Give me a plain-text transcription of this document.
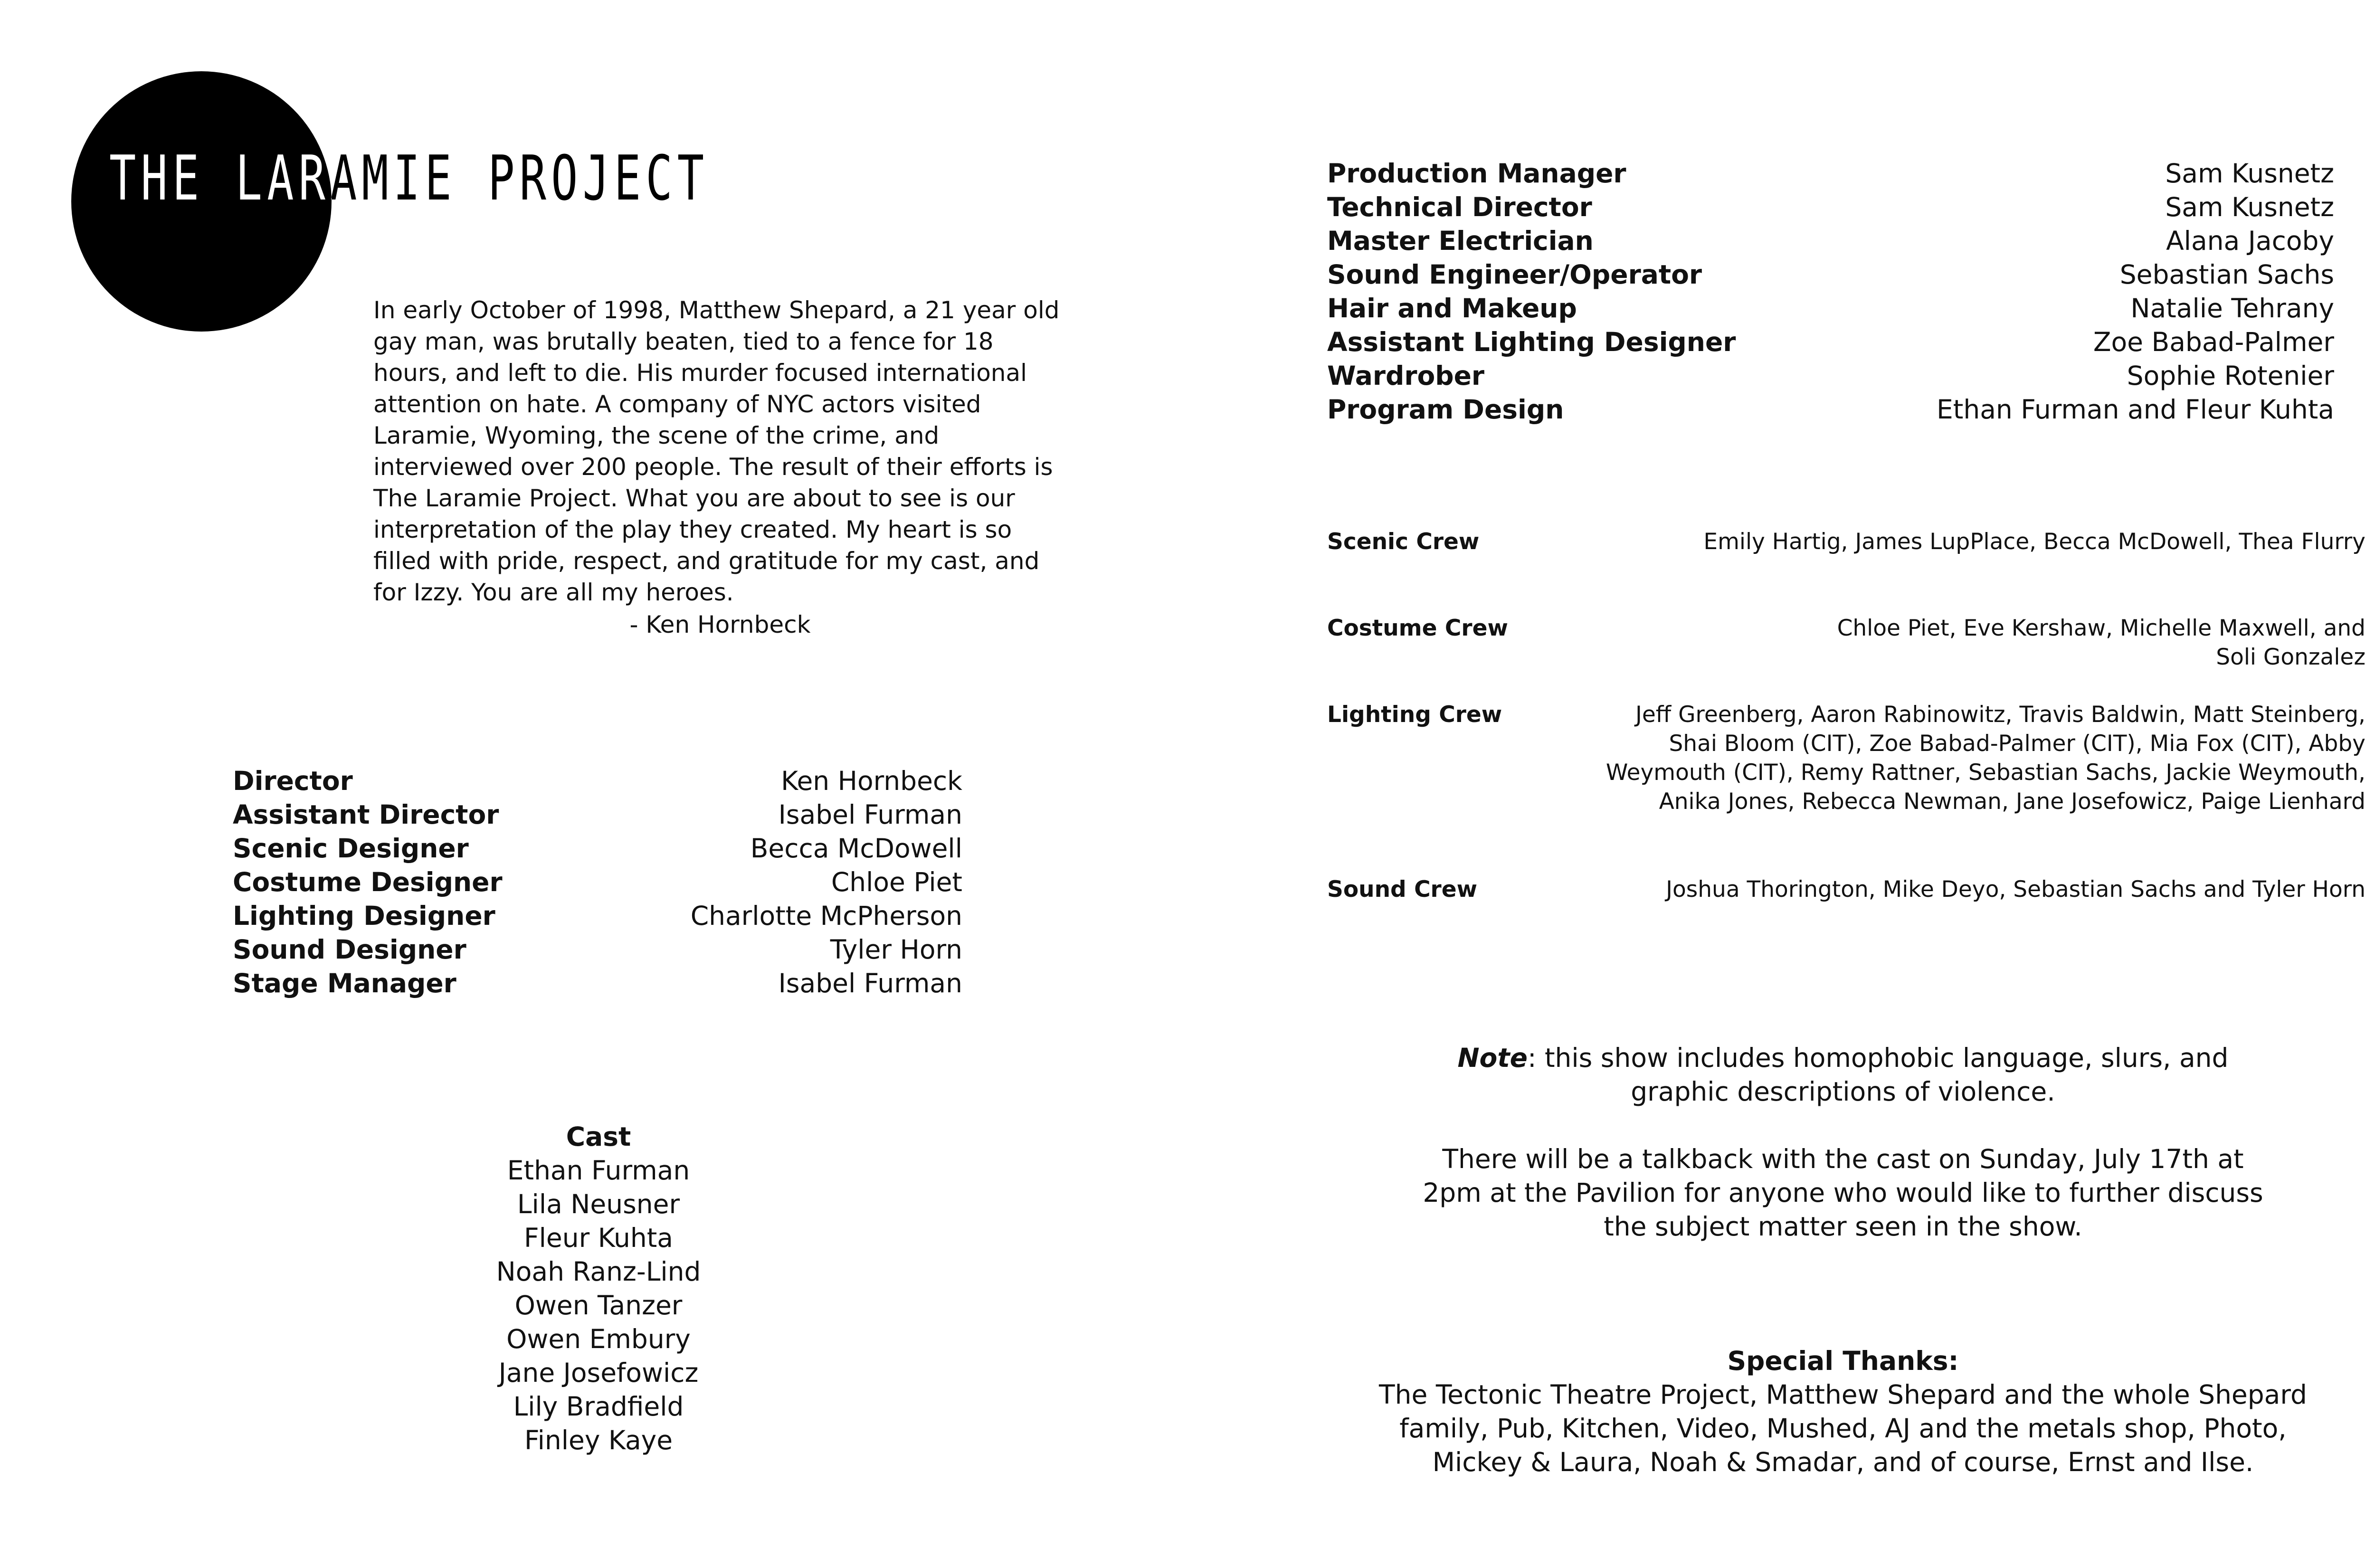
THE LARAMIE PROJECT

In early October of 1998, Matthew Shepard, a 21 year old gay man, was brutally beaten, tied to a fence for 18 hours, and left to die. His murder focused international attention on hate. A company of NYC actors visited Laramie, Wyoming, the scene of the crime, and interviewed over 200 people. The result of their efforts is The Laramie Project. What you are about to see is our interpretation of the play they created. My heart is so filled with pride, respect, and gratitude for my cast, and for Izzy. You are all my heroes.

- Ken Hornbeck
Director	Ken Hornbeck
Assistant Director	Isabel Furman
Scenic Designer	Becca McDowell
Costume Designer	Chloe Piet
Lighting Designer	Charlotte McPherson
Sound Designer	Tyler Horn
Stage Manager	Isabel Furman
Cast
Ethan Furman
Lila Neusner
Fleur Kuhta
Noah Ranz-Lind
Owen Tanzer
Owen Embury
Jane Josefowicz
Lily Bradfield
Finley Kaye
Production Manager	Sam Kusnetz
Technical Director	Sam Kusnetz
Master Electrician	Alana Jacoby
Sound Engineer/Operator	Sebastian Sachs
Hair and Makeup	Natalie Tehrany
Assistant Lighting Designer	Zoe Babad-Palmer
Wardrober	Sophie Rotenier
Program Design	Ethan Furman and Fleur Kuhta
Scenic Crew	Emily Hartig, James LupPlace, Becca McDowell, Thea Flurry
Costume Crew	Chloe Piet, Eve Kershaw, Michelle Maxwell, and
Soli Gonzalez
Lighting Crew	Jeff Greenberg, Aaron Rabinowitz, Travis Baldwin, Matt Steinberg,
Shai Bloom (CIT), Zoe Babad-Palmer (CIT), Mia Fox (CIT), Abby
Weymouth (CIT), Remy Rattner, Sebastian Sachs, Jackie Weymouth,
Anika Jones, Rebecca Newman, Jane Josefowicz, Paige Lienhard
Sound Crew	Joshua Thorington, Mike Deyo, Sebastian Sachs and Tyler Horn
Note: this show includes homophobic language, slurs, and
graphic descriptions of violence.
There will be a talkback with the cast on Sunday, July 17th at
2pm at the Pavilion for anyone who would like to further discuss
the subject matter seen in the show.
Special Thanks:
The Tectonic Theatre Project, Matthew Shepard and the whole Shepard
family, Pub, Kitchen, Video, Mushed, AJ and the metals shop, Photo,
Mickey & Laura, Noah & Smadar, and of course, Ernst and Ilse.
